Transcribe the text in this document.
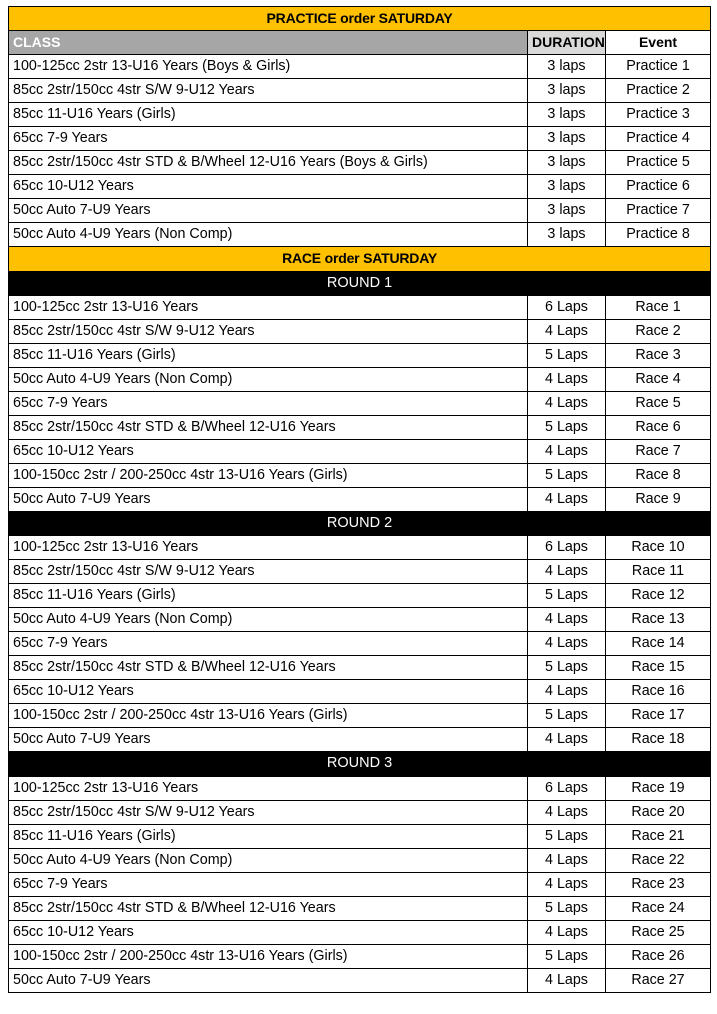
PRACTICE order SATURDAY		
CLASS	DURATION	Event
100-125cc 2str 13-U16 Years (Boys & Girls)	3 laps	Practice 1
85cc 2str/150cc 4str S/W 9-U12 Years	3 laps	Practice 2
85cc 11-U16 Years (Girls)	3 laps	Practice 3
65cc 7-9 Years	3 laps	Practice 4
85cc 2str/150cc 4str STD & B/Wheel 12-U16 Years (Boys & Girls)	3 laps	Practice 5
65cc 10-U12 Years	3 laps	Practice 6
50cc Auto 7-U9 Years	3 laps	Practice 7
50cc Auto 4-U9 Years (Non Comp)	3 laps	Practice 8
RACE order SATURDAY		
ROUND 1		
100-125cc 2str 13-U16 Years	6 Laps	Race 1
85cc 2str/150cc 4str S/W 9-U12 Years	4 Laps	Race 2
85cc 11-U16 Years (Girls)	5 Laps	Race 3
50cc Auto 4-U9 Years (Non Comp)	4 Laps	Race 4
65cc 7-9 Years	4 Laps	Race 5
85cc 2str/150cc 4str STD & B/Wheel 12-U16 Years	5 Laps	Race 6
65cc 10-U12 Years	4 Laps	Race 7
100-150cc 2str / 200-250cc 4str 13-U16 Years (Girls)	5 Laps	Race 8
50cc Auto 7-U9 Years	4 Laps	Race 9
ROUND 2		
100-125cc 2str 13-U16 Years	6 Laps	Race 10
85cc 2str/150cc 4str S/W 9-U12 Years	4 Laps	Race 11
85cc 11-U16 Years (Girls)	5 Laps	Race 12
50cc Auto 4-U9 Years (Non Comp)	4 Laps	Race 13
65cc 7-9 Years	4 Laps	Race 14
85cc 2str/150cc 4str STD & B/Wheel 12-U16 Years	5 Laps	Race 15
65cc 10-U12 Years	4 Laps	Race 16
100-150cc 2str / 200-250cc 4str 13-U16 Years (Girls)	5 Laps	Race 17
50cc Auto 7-U9 Years	4 Laps	Race 18
ROUND 3		
100-125cc 2str 13-U16 Years	6 Laps	Race 19
85cc 2str/150cc 4str S/W 9-U12 Years	4 Laps	Race 20
85cc 11-U16 Years (Girls)	5 Laps	Race 21
50cc Auto 4-U9 Years (Non Comp)	4 Laps	Race 22
65cc 7-9 Years	4 Laps	Race 23
85cc 2str/150cc 4str STD & B/Wheel 12-U16 Years	5 Laps	Race 24
65cc 10-U12 Years	4 Laps	Race 25
100-150cc 2str / 200-250cc 4str 13-U16 Years (Girls)	5 Laps	Race 26
50cc Auto 7-U9 Years	4 Laps	Race 27
